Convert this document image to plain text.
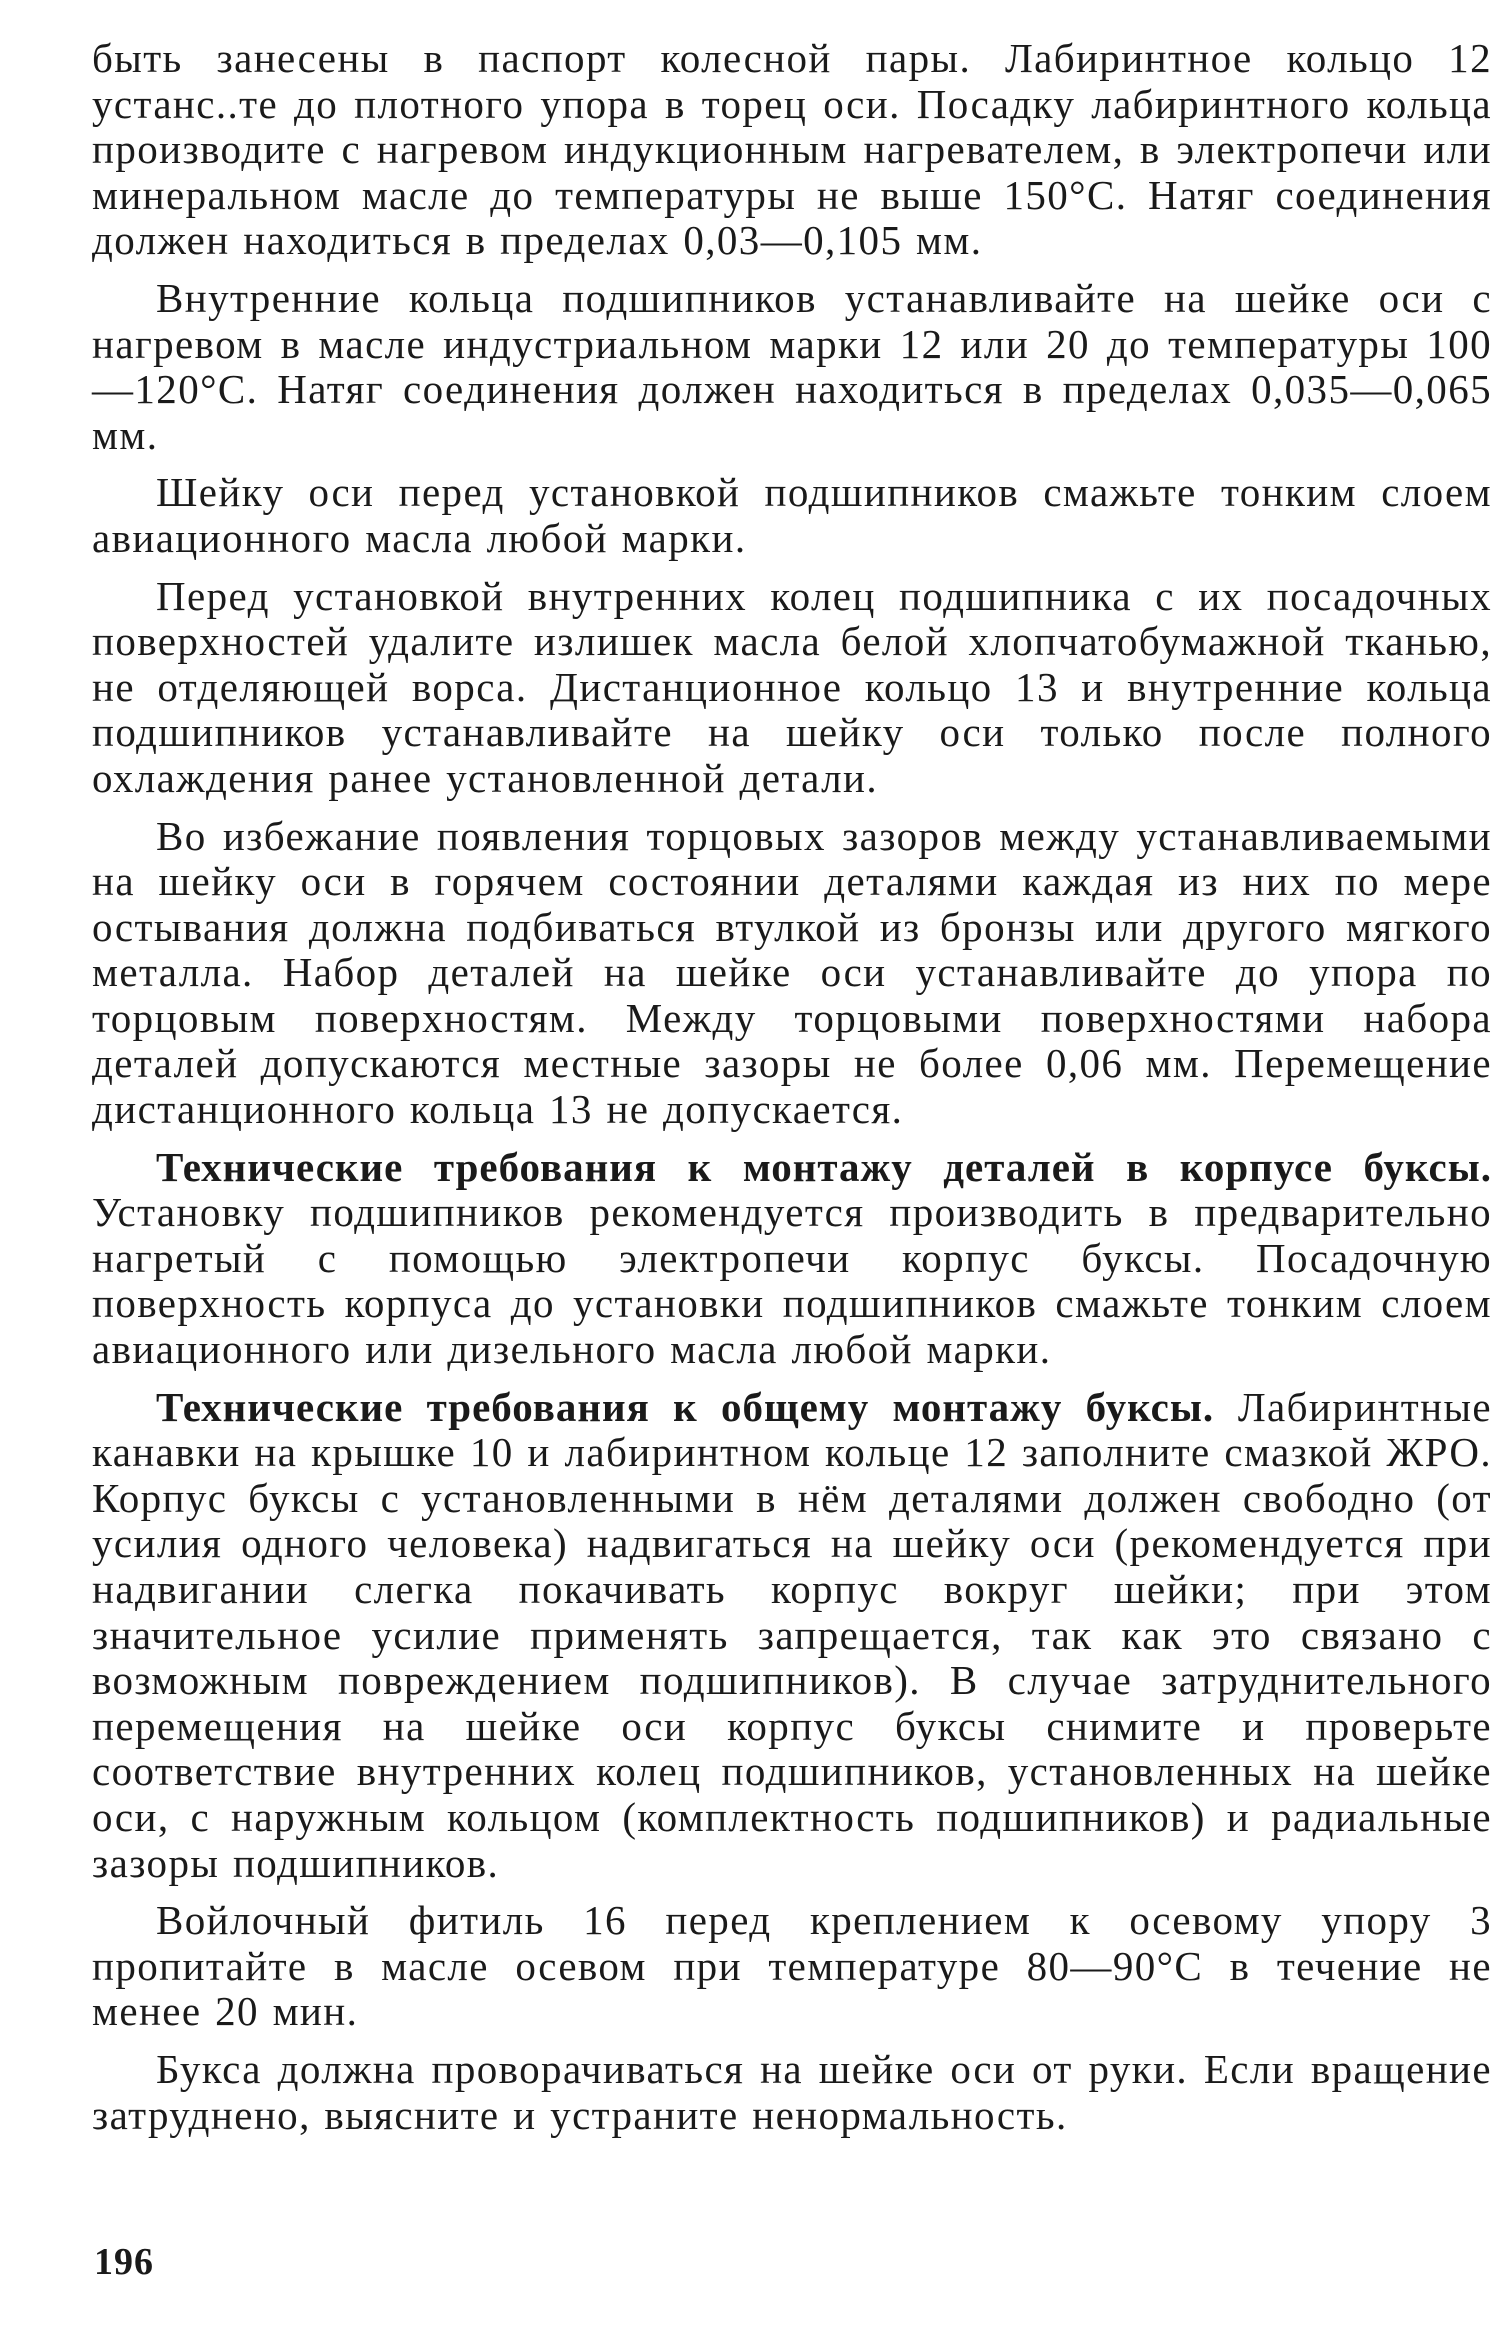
быть занесены в паспорт колесной пары. Лабиринтное кольцо 12 устанс..те до плотного упора в торец оси. Посадку лабиринтного кольца производите с нагревом индукционным нагревателем, в электропечи или минеральном масле до температуры не выше 150°С. Натяг соединения должен находиться в пределах 0,03—0,105 мм.

Внутренние кольца подшипников устанавливайте на шейке оси с нагревом в масле индустриальном марки 12 или 20 до температуры 100—120°С. Натяг соединения должен находиться в пределах 0,035—0,065 мм.

Шейку оси перед установкой подшипников смажьте тонким слоем авиационного масла любой марки.

Перед установкой внутренних колец подшипника с их посадочных поверхностей удалите излишек масла белой хлопчатобумажной тканью, не отделяющей ворса. Дистанционное кольцо 13 и внутренние кольца подшипников устанавливайте на шейку оси только после полного охлаждения ранее установленной детали.

Во избежание появления торцовых зазоров между устанавливаемыми на шейку оси в горячем состоянии деталями каждая из них по мере остывания должна подбиваться втулкой из бронзы или другого мягкого металла. Набор деталей на шейке оси устанавливайте до упора по торцовым поверхностям. Между торцовыми поверхностями набора деталей допускаются местные зазоры не более 0,06 мм. Перемещение дистанционного кольца 13 не допускается.

Технические требования к монтажу деталей в корпусе буксы. Установку подшипников рекомендуется производить в предварительно нагретый с помощью электропечи корпус буксы. Посадочную поверхность корпуса до установки подшипников смажьте тонким слоем авиационного или дизельного масла любой марки.

Технические требования к общему монтажу буксы. Лабиринтные канавки на крышке 10 и лабиринтном кольце 12 заполните смазкой ЖРО. Корпус буксы с установленными в нём деталями должен свободно (от усилия одного человека) надвигаться на шейку оси (рекомендуется при надвигании слегка покачивать корпус вокруг шейки; при этом значительное усилие применять запрещается, так как это связано с возможным повреждением подшипников). В случае затруднительного перемещения на шейке оси корпус буксы снимите и проверьте соответствие внутренних колец подшипников, установленных на шейке оси, с наружным кольцом (комплектность подшипников) и радиальные зазоры подшипников.

Войлочный фитиль 16 перед креплением к осевому упору 3 пропитайте в масле осевом при температуре 80—90°С в течение не менее 20 мин.

Букса должна проворачиваться на шейке оси от руки. Если вращение затруднено, выясните и устраните ненормальность.

196
